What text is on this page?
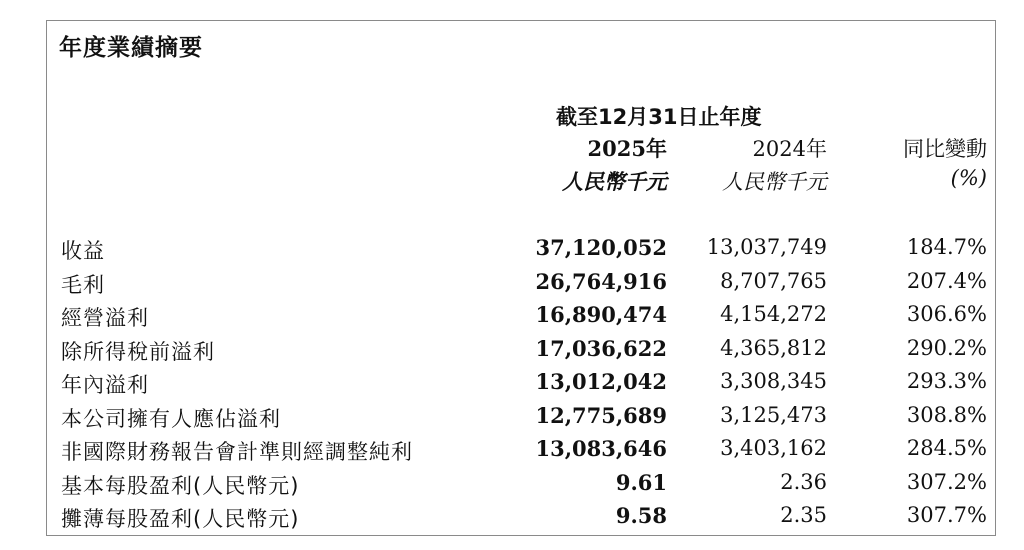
年度業績摘要
截至12月31日止年度
2025年	2024年	同比變動
人民幣千元	人民幣千元	(%)
收益	37,120,052 13,037,749	184.7%
毛利	26,764,916	8,707,765	207.4%
經營溢利	16,890,474	4,154,272	306.6%
除所得稅前溢利	17,036,622	4,365,812	290.2%
年內溢利	13,012,042	3,308,345	293.3%
本公司擁有人應佔溢利	12,775,689	3,125,473	308.8%
非國際財務報告會計準則經調整純利	13,083,646	3,403,162	284.5%
基本每股盈利(人民幣元)	9.61	2.36	307.2%
攤薄每股盈利(人民幣元)	9.58	2.35	307.7%
